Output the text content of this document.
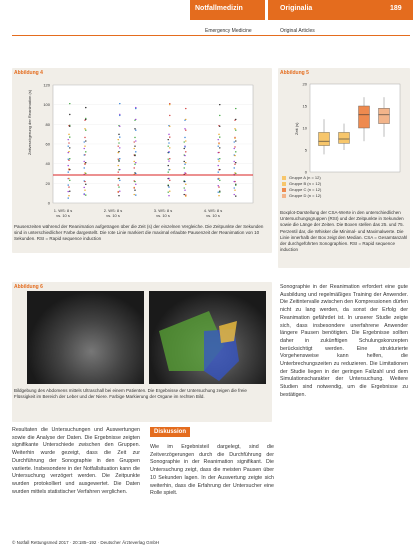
Notfallmedizin	Originalia	189
Emergency Medicine	Original Articles
Abbildung 4
0
20
40
60
80
100
120
Zeitverzögerung der Reanimation (s)
1. WS: 8 s
vs. 10 s
2. WS: 8 s
vs. 10 s
3. WS: 8 s
vs. 10 s
4. WS: 8 s
vs. 10 s
Pausenzeiten während der Reanimation aufgetragen über die Zeit (s) der einzelnen Vergleiche. Die Zeitpunkte der Sekunden sind in unterschiedlicher Farbe dargestellt. Die rote Linie markiert die maximal erlaubte Pausenzeit der Reanimation von 10 Sekunden. RSI = Rapid sequence induction
Abbildung 5
Zeit (s)
0
5
10
15
20
Gruppe A (n = 12)
Gruppe B (n = 12)
Gruppe C (n = 12)
Gruppe D (n = 12)
Boxplot-Darstellung der CSA-Werte in den unterschiedlichen Untersuchungsgruppen (RSI) und der Zeitpunkte in Sekunden sowie die Länge der Zeiten. Die Boxen stellen das 25. und 75. Perzentil dar, die Whisker die Minimal- und Maximalwerte. Die Linie innerhalb der Box zeigt den Median. CSA = Gesamtanzahl der durchgeführten Sonographien. RSI = Rapid sequence induction
Abbildung 6
Bildgebung des Abdomens mittels Ultraschall bei einem Patienten. Die Ergebnisse der Untersuchung zeigen die freie Flüssigkeit im Bereich der Leber und der Niere. Farbige Markierung der Organe im rechten Bild.
Resultaten die Untersuchungen und Auswertungen sowie die Analyse der Daten. Die Ergebnisse zeigten signifikante Unterschiede zwischen den Gruppen. Weiterhin wurde gezeigt, dass die Zeit zur Durchführung der Sonographie in den Gruppen variierte. Insbesondere in der Notfallsituation kann die Untersuchung verzögert werden. Die Zeitpunkte wurden protokolliert und ausgewertet. Die Daten wurden mittels statistischer Verfahren verglichen.
Diskussion
Wie im Ergebnisteil dargelegt, sind die Zeitverzögerungen durch die Durchführung der Sonographie in der Reanimation signifikant. Die Untersuchung zeigt, dass die meisten Pausen über 10 Sekunden lagen. In der Auswertung zeigte sich weiterhin, dass die Erfahrung der Untersucher eine Rolle spielt.
Sonographie in der Reanimation erfordert eine gute Ausbildung und regelmäßiges Training der Anwender. Die Zeitintervalle zwischen den Kompressionen dürfen nicht zu lang werden, da sonst der Erfolg der Reanimation gefährdet ist. In unserer Studie zeigte sich, dass insbesondere unerfahrene Anwender längere Pausen benötigten. Die Ergebnisse sollten daher in zukünftigen Schulungskonzepten berücksichtigt werden. Eine strukturierte Vorgehensweise kann helfen, die Unterbrechungszeiten zu reduzieren. Die Limitationen der Studie liegen in der geringen Fallzahl und dem Simulationscharakter der Untersuchung. Weitere Studien sind notwendig, um die Ergebnisse zu bestätigen.
© Notfall Rettungsmed 2017 · 20:185–192 · Deutscher Ärzteverlag GmbH
